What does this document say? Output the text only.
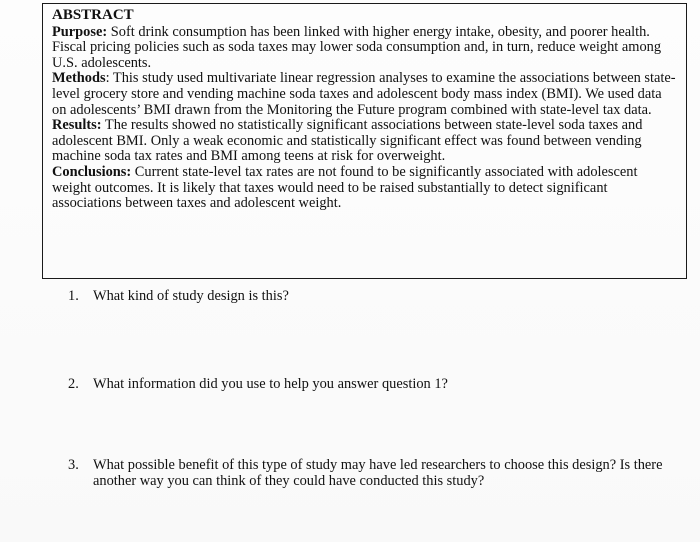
ABSTRACT

Purpose: Soft drink consumption has been linked with higher energy intake, obesity, and poorer health. Fiscal pricing policies such as soda taxes may lower soda consumption and, in turn, reduce weight among U.S. adolescents.

Methods: This study used multivariate linear regression analyses to examine the associations between state-level grocery store and vending machine soda taxes and adolescent body mass index (BMI). We used data on adolescents’ BMI drawn from the Monitoring the Future program combined with state-level tax data.

Results: The results showed no statistically significant associations between state-level soda taxes and adolescent BMI. Only a weak economic and statistically significant effect was found between vending machine soda tax rates and BMI among teens at risk for overweight.

Conclusions: Current state-level tax rates are not found to be significantly associated with adolescent weight outcomes. It is likely that taxes would need to be raised substantially to detect significant associations between taxes and adolescent weight.

1. What kind of study design is this?
2. What information did you use to help you answer question 1?
3. What possible benefit of this type of study may have led researchers to choose this design? Is there another way you can think of they could have conducted this study?
